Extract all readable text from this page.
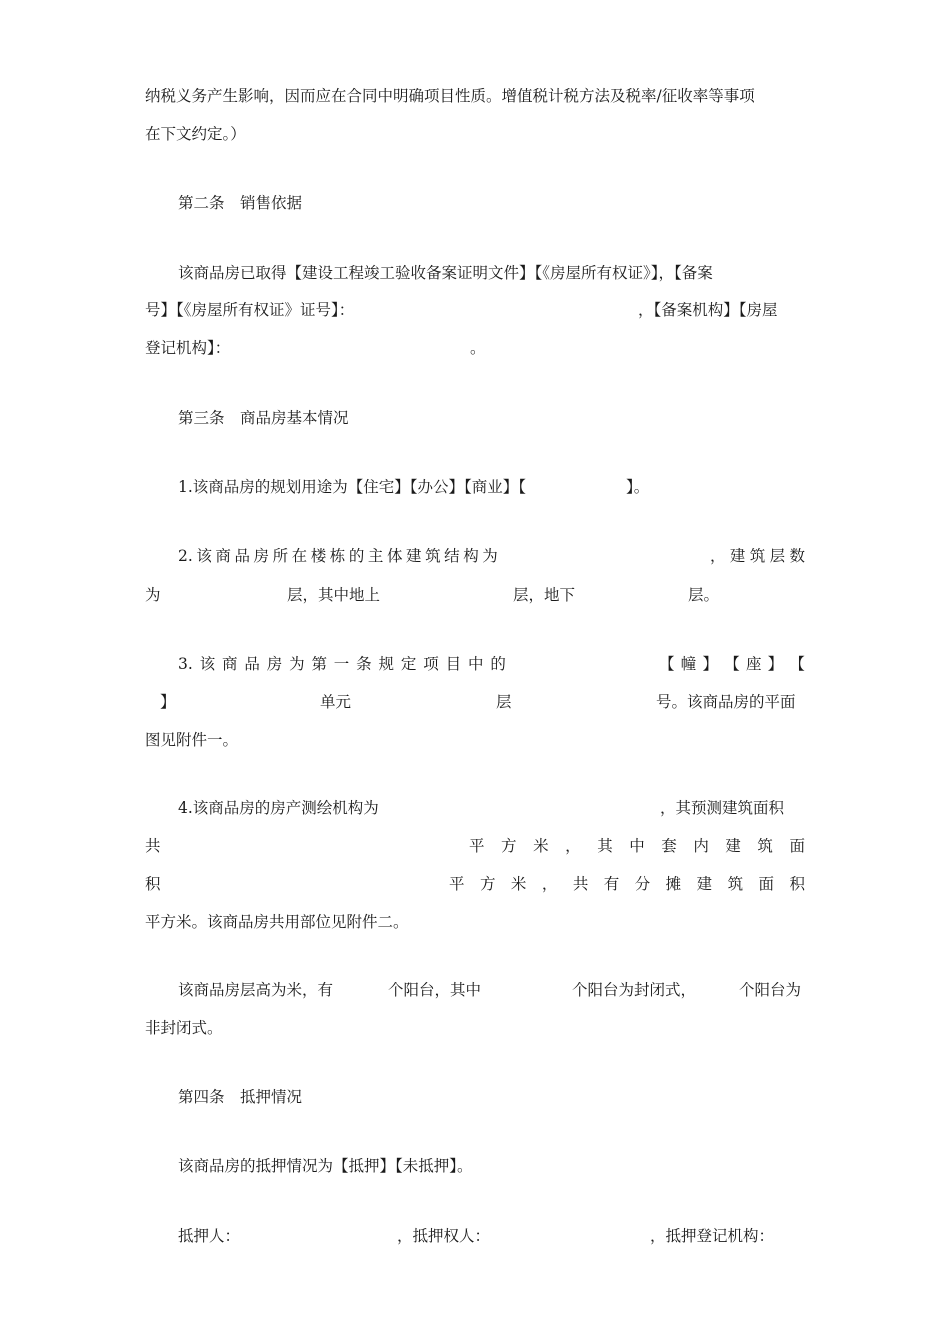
纳税义务产生影响，因而应在合同中明确项目性质。增值税计税方法及税率/征收率等事项
在下文约定。）
第二条　销售依据
该商品房已取得【建设工程竣工验收备案证明文件】【《房屋所有权证》】，【备案
号】【《房屋所有权证》证号】：	，【备案机构】【房屋
登记机构】：	。
第三条　商品房基本情况
1.该商品房的规划用途为【住宅】【办公】【商业】【	】。
2. 该 商 品 房 所 在 楼 栋 的 主 体 建 筑 结 构 为	， 建 筑 层 数
为	层，其中地上	层，地下	层。
3. 该 商 品 房 为 第 一 条 规 定 项 目 中 的	【 幢 】 【 座 】 【
】	单元	层	号。该商品房的平面
图见附件一。
4.该商品房的房产测绘机构为	，其预测建筑面积
共	平 方 米 ， 其 中 套 内 建 筑 面
积	平 方 米 ， 共 有 分 摊 建 筑 面 积
平方米。该商品房共用部位见附件二。
该商品房层高为米，有	个阳台，其中	个阳台为封闭式，	个阳台为
非封闭式。
第四条　抵押情况
该商品房的抵押情况为【抵押】【未抵押】。
抵押人：	，抵押权人：	，抵押登记机构：
